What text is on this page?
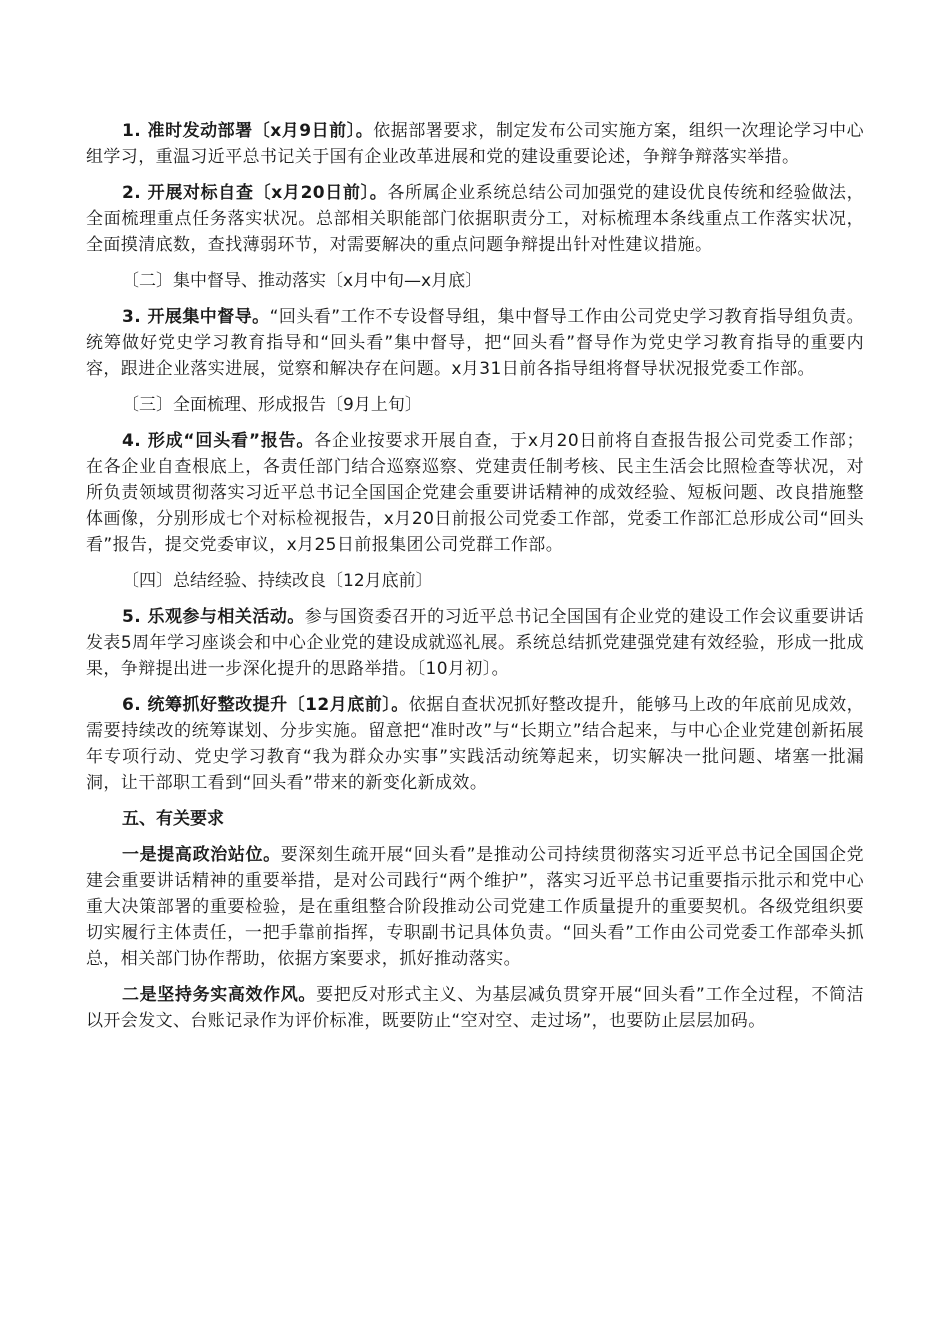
1. 准时发动部署〔x月9日前〕。依据部署要求，制定发布公司实施方案，组织一次理论学习中心组学习，重温习近平总书记关于国有企业改革进展和党的建设重要论述，争辩争辩落实举措。

2. 开展对标自查〔x月20日前〕。各所属企业系统总结公司加强党的建设优良传统和经验做法，全面梳理重点任务落实状况。总部相关职能部门依据职责分工，对标梳理本条线重点工作落实状况，全面摸清底数，查找薄弱环节，对需要解决的重点问题争辩提出针对性建议措施。

〔二〕集中督导、推动落实〔x月中旬—x月底〕

3. 开展集中督导。“回头看”工作不专设督导组，集中督导工作由公司党史学习教育指导组负责。统筹做好党史学习教育指导和“回头看”集中督导，把“回头看”督导作为党史学习教育指导的重要内容，跟进企业落实进展，觉察和解决存在问题。x月31日前各指导组将督导状况报党委工作部。

〔三〕全面梳理、形成报告〔9月上旬〕

4. 形成“回头看”报告。各企业按要求开展自查，于x月20日前将自查报告报公司党委工作部；在各企业自查根底上，各责任部门结合巡察巡察、党建责任制考核、民主生活会比照检查等状况，对所负责领域贯彻落实习近平总书记全国国企党建会重要讲话精神的成效经验、短板问题、改良措施整体画像，分别形成七个对标检视报告，x月20日前报公司党委工作部，党委工作部汇总形成公司“回头看”报告，提交党委审议，x月25日前报集团公司党群工作部。

〔四〕总结经验、持续改良〔12月底前〕

5. 乐观参与相关活动。参与国资委召开的习近平总书记全国国有企业党的建设工作会议重要讲话发表5周年学习座谈会和中心企业党的建设成就巡礼展。系统总结抓党建强党建有效经验，形成一批成果，争辩提出进一步深化提升的思路举措。〔10月初〕。

6. 统筹抓好整改提升〔12月底前〕。依据自查状况抓好整改提升，能够马上改的年底前见成效，需要持续改的统筹谋划、分步实施。留意把“准时改”与“长期立”结合起来，与中心企业党建创新拓展年专项行动、党史学习教育“我为群众办实事”实践活动统筹起来，切实解决一批问题、堵塞一批漏洞，让干部职工看到“回头看”带来的新变化新成效。

五、有关要求

一是提高政治站位。要深刻生疏开展“回头看”是推动公司持续贯彻落实习近平总书记全国国企党建会重要讲话精神的重要举措，是对公司践行“两个维护”，落实习近平总书记重要指示批示和党中心重大决策部署的重要检验，是在重组整合阶段推动公司党建工作质量提升的重要契机。各级党组织要切实履行主体责任，一把手靠前指挥，专职副书记具体负责。“回头看”工作由公司党委工作部牵头抓总，相关部门协作帮助，依据方案要求，抓好推动落实。

二是坚持务实高效作风。要把反对形式主义、为基层减负贯穿开展“回头看”工作全过程，不简洁以开会发文、台账记录作为评价标准，既要防止“空对空、走过场”，也要防止层层加码。
